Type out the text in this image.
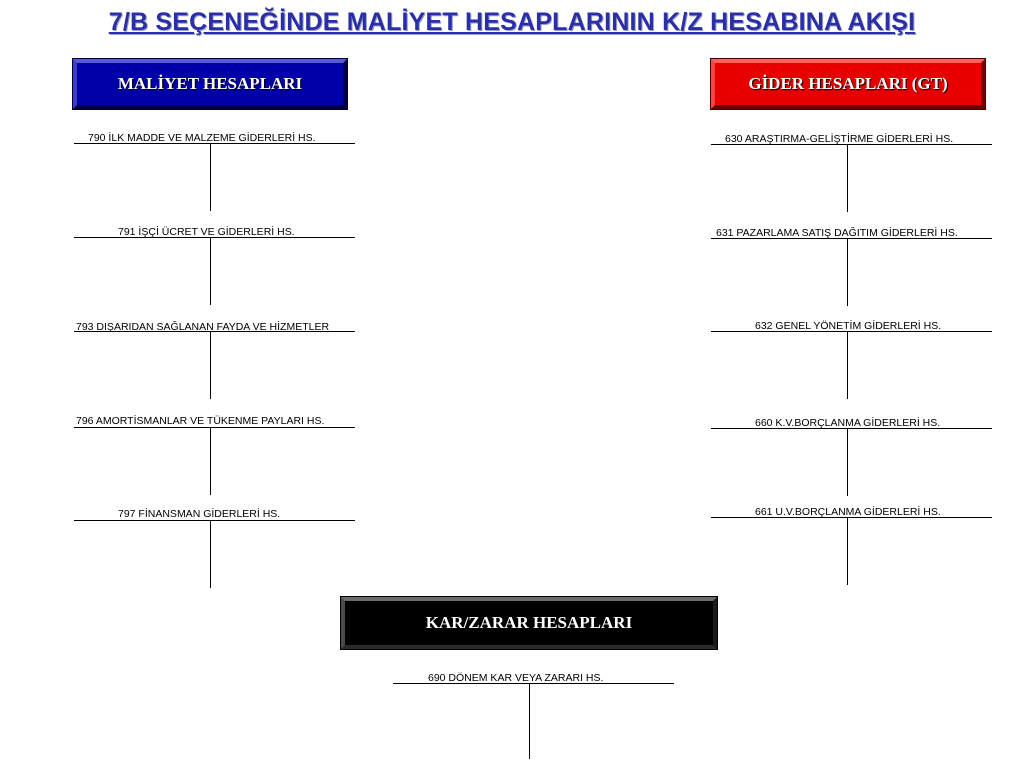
7/B SEÇENEĞİNDE MALİYET HESAPLARININ K/Z HESABINA AKIŞI
MALİYET HESAPLARI	GİDER HESAPLARI (GT)
KAR/ZARAR HESAPLARI
790 İLK MADDE VE MALZEME GİDERLERİ HS.
791 İŞÇİ ÜCRET VE GİDERLERİ HS.
793 DIŞARIDAN SAĞLANAN FAYDA VE HİZMETLER
796 AMORTİSMANLAR VE TÜKENME PAYLARI HS.
797 FİNANSMAN GİDERLERİ HS.
630 ARAŞTIRMA-GELİŞTİRME GİDERLERİ HS.
631 PAZARLAMA SATIŞ DAĞITIM GİDERLERİ HS.
632 GENEL YÖNETİM GİDERLERİ HS.
660 K.V.BORÇLANMA GİDERLERİ HS.
661 U.V.BORÇLANMA GİDERLERİ HS.
690 DÖNEM KAR VEYA ZARARI HS.
